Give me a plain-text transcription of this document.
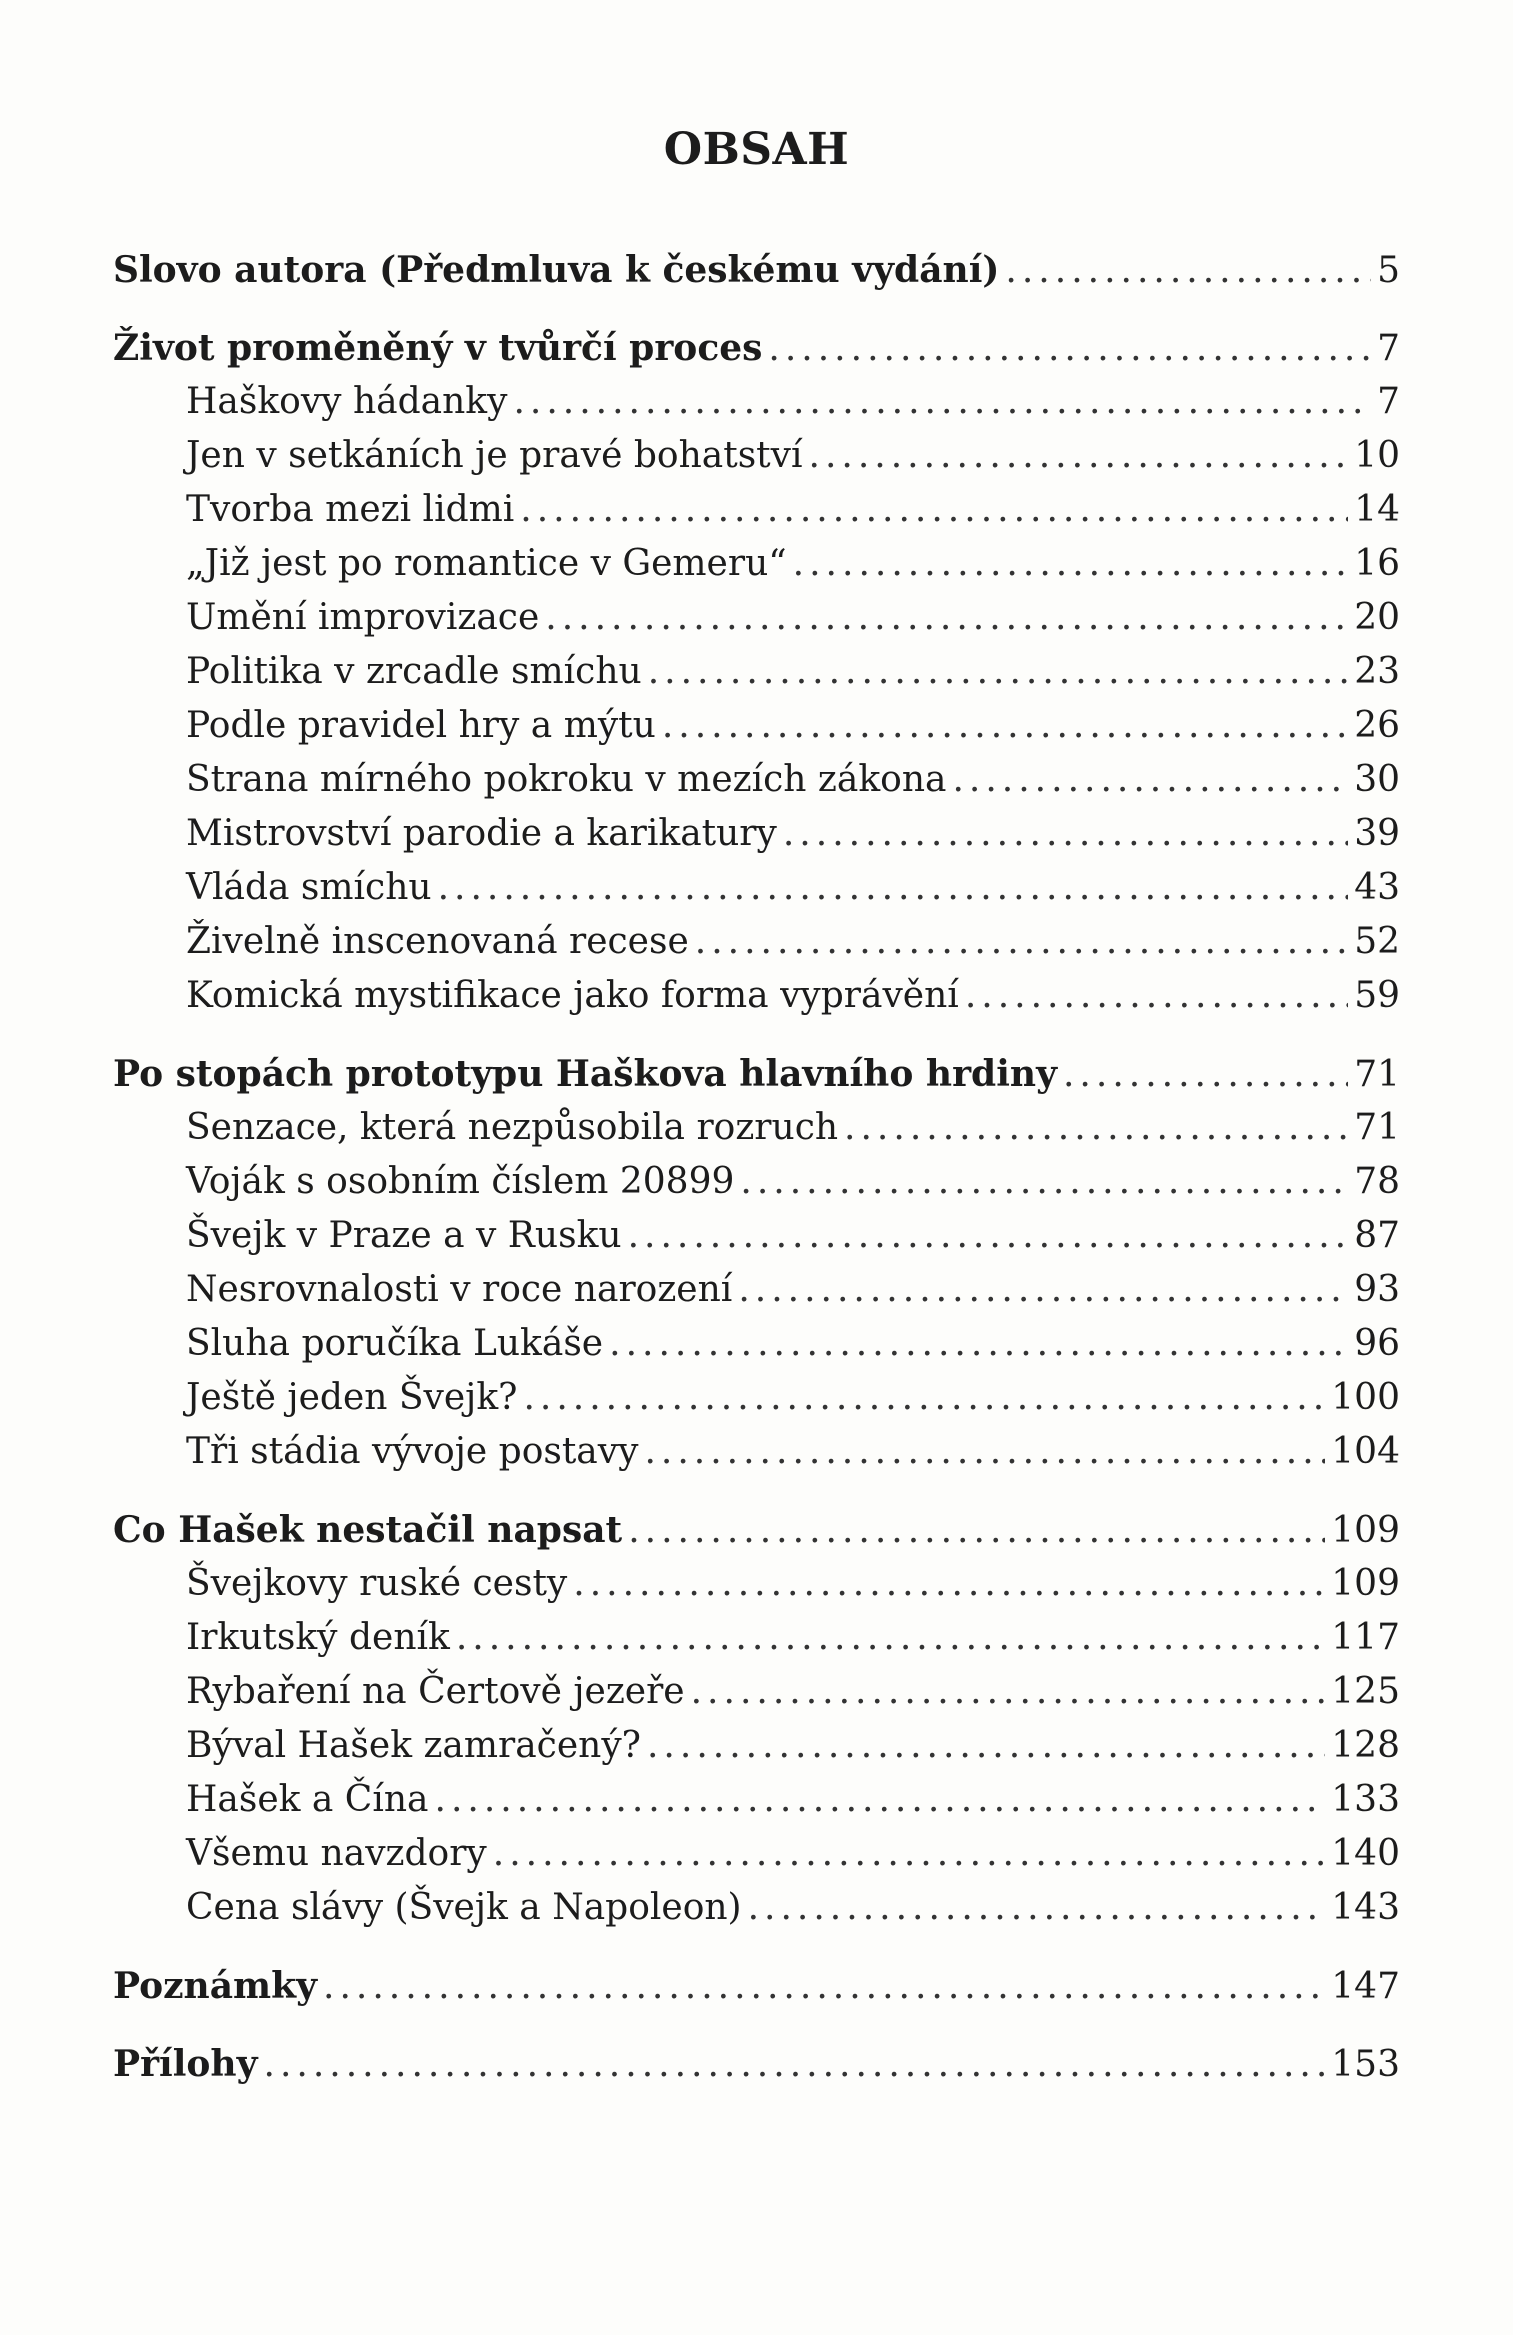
OBSAH
Slovo autora (Předmluva k českému vydání) .....	5
Život proměněný v tvůrčí proces .....	7
Haškovy hádanky .....	7
Jen v setkáních je pravé bohatství .....	10
Tvorba mezi lidmi .....	14
„Již jest po romantice v Gemeru“ .....	16
Umění improvizace .....	20
Politika v zrcadle smíchu .....	23
Podle pravidel hry a mýtu .....	26
Strana mírného pokroku v mezích zákona .....	30
Mistrovství parodie a karikatury .....	39
Vláda smíchu .....	43
Živelně inscenovaná recese .....	52
Komická mystifikace jako forma vyprávění .....	59
Po stopách prototypu Haškova hlavního hrdiny .....	71
Senzace, která nezpůsobila rozruch .....	71
Voják s osobním číslem 20899 .....	78
Švejk v Praze a v Rusku .....	87
Nesrovnalosti v roce narození .....	93
Sluha poručíka Lukáše .....	96
Ještě jeden Švejk? .....	100
Tři stádia vývoje postavy .....	104
Co Hašek nestačil napsat .....	109
Švejkovy ruské cesty .....	109
Irkutský deník .....	117
Rybaření na Čertově jezeře .....	125
Býval Hašek zamračený? .....	128
Hašek a Čína .....	133
Všemu navzdory .....	140
Cena slávy (Švejk a Napoleon) .....	143
Poznámky .....	147
Přílohy .....	153
